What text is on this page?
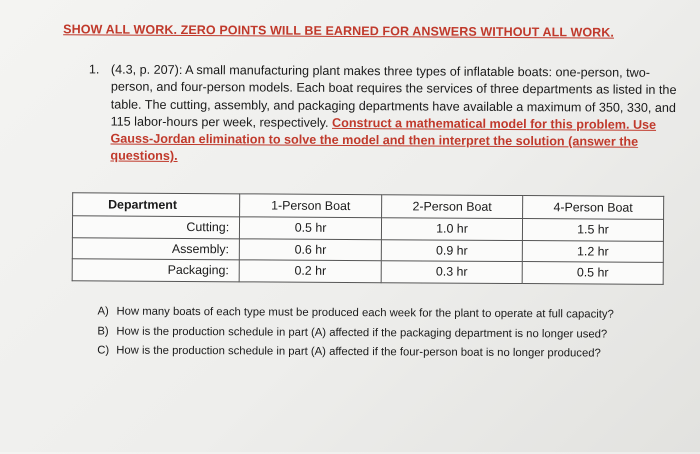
SHOW ALL WORK. ZERO POINTS WILL BE EARNED FOR ANSWERS WITHOUT ALL WORK.
1. (4.3, p. 207): A small manufacturing plant makes three types of inflatable boats: one-person, two-person, and four-person models. Each boat requires the services of three departments as listed in the table. The cutting, assembly, and packaging departments have available a maximum of 350, 330, and 115 labor-hours per week, respectively. Construct a mathematical model for this problem. Use Gauss-Jordan elimination to solve the model and then interpret the solution (answer the questions).
Department	1-Person Boat	2-Person Boat	4-Person Boat
Cutting:	0.5 hr	1.0 hr	1.5 hr
Assembly:	0.6 hr	0.9 hr	1.2 hr
Packaging:	0.2 hr	0.3 hr	0.5 hr
A) How many boats of each type must be produced each week for the plant to operate at full capacity?
B) How is the production schedule in part (A) affected if the packaging department is no longer used?
C) How is the production schedule in part (A) affected if the four-person boat is no longer produced?
